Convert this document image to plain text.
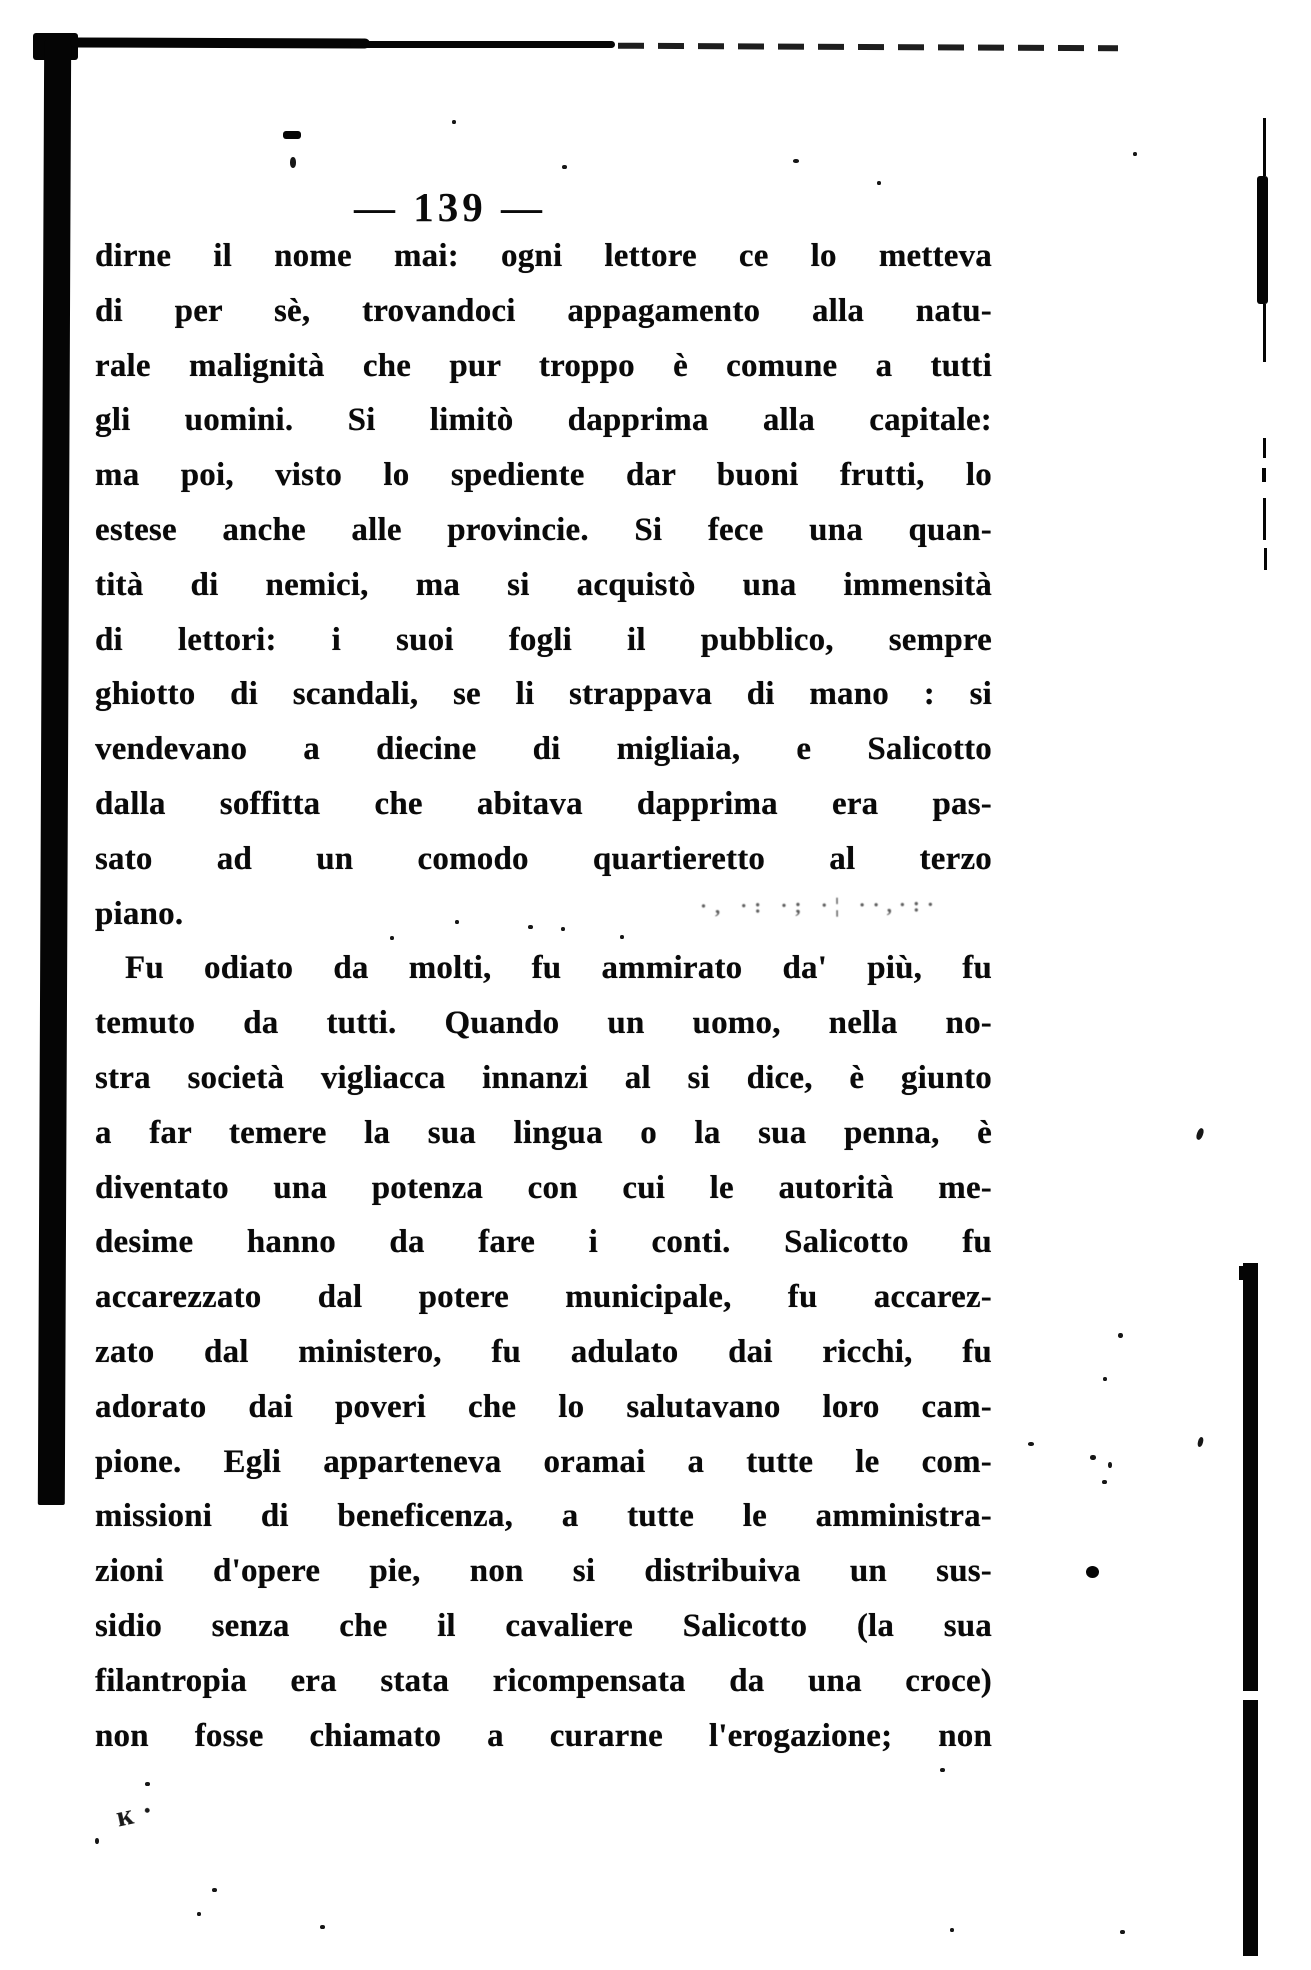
— 139 —

dirne il nome mai: ogni lettore ce lo metteva

di per sè, trovandoci appagamento alla natu-

rale malignità che pur troppo è comune a tutti

gli uomini. Si limitò dapprima alla capitale:

ma poi, visto lo spediente dar buoni frutti, lo

estese anche alle provincie. Si fece una quan-

tità di nemici, ma si acquistò una immensità

di lettori: i suoi fogli il pubblico, sempre

ghiotto di scandali, se li strappava di mano : si

vendevano a diecine di migliaia, e Salicotto

dalla soffitta che abitava dapprima era pas-

sato ad un comodo quartieretto al terzo

piano.

Fu odiato da molti, fu ammirato da' più, fu

temuto da tutti. Quando un uomo, nella no-

stra società vigliacca innanzi al si dice, è giunto

a far temere la sua lingua o la sua penna, è

diventato una potenza con cui le autorità me-

desime hanno da fare i conti. Salicotto fu

accarezzato dal potere municipale, fu accarez-

zato dal ministero, fu adulato dai ricchi, fu

adorato dai poveri che lo salutavano loro cam-

pione. Egli apparteneva oramai a tutte le com-

missioni di beneficenza, a tutte le amministra-

zioni d'opere pie, non si distribuiva un sus-

sidio senza che il cavaliere Salicotto (la sua

filantropia era stata ricompensata da una croce)

non fosse chiamato a curarne l'erogazione; non

·‚ ·: ·; ·¦ ··,·:·
ĸ·
